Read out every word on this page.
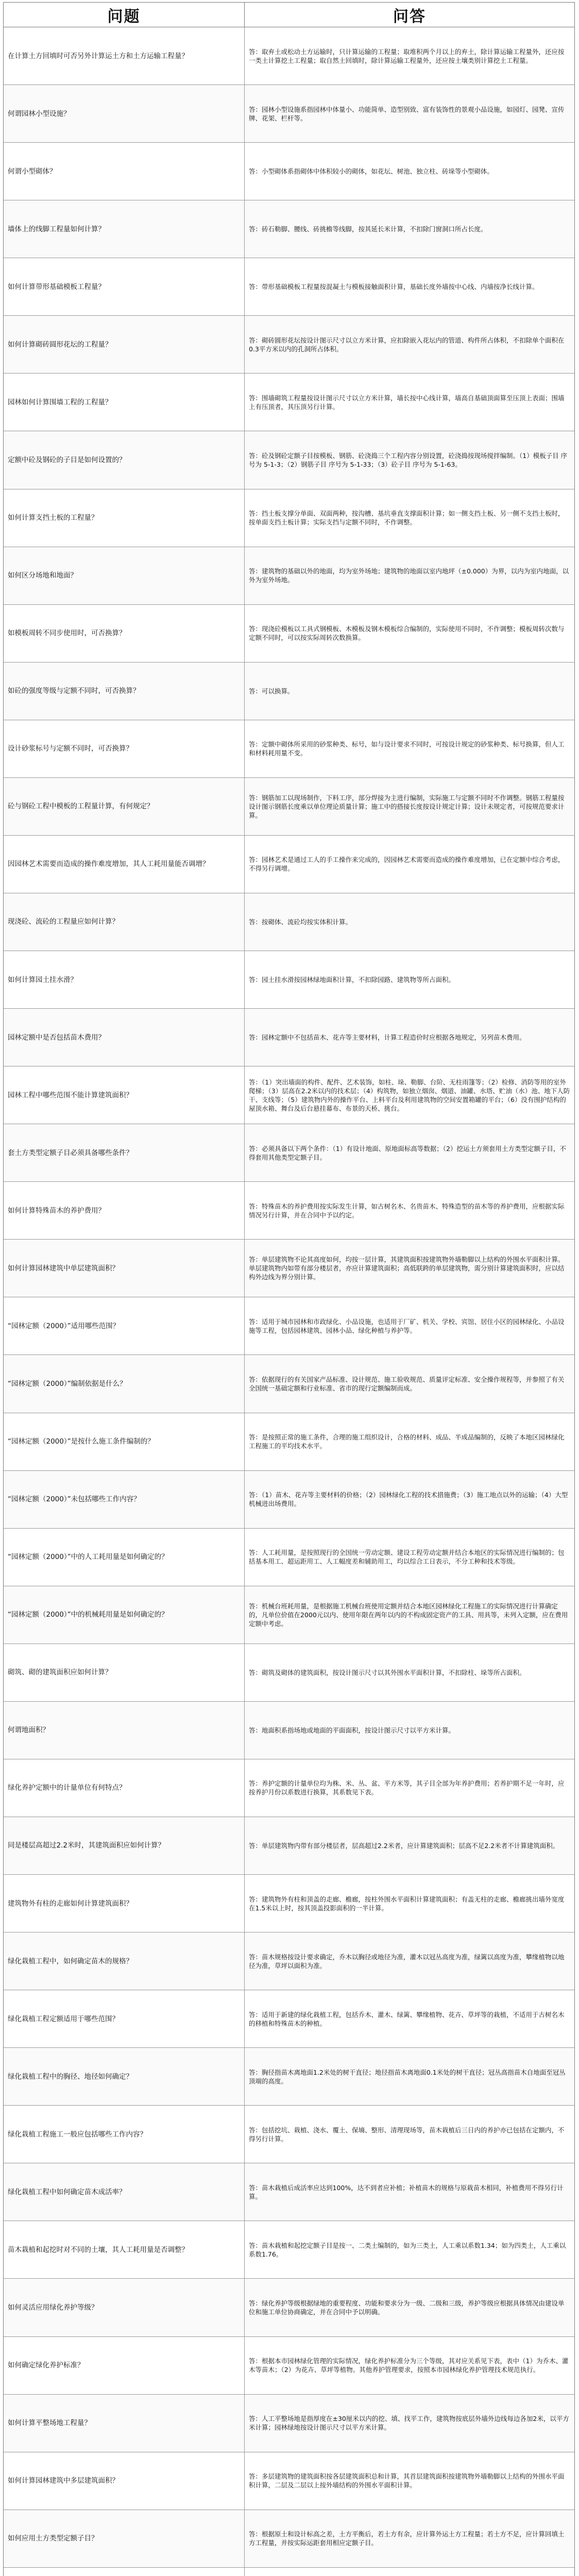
问题	问答
在计算土方回填时可否另外计算运土方和土方运输工程量？
答：取弃土或松动土方运输时，只计算运输的工程量；取堆积两个月以上的弃土，除计算运输工程量外，还应按一类土计算挖土工程量；取自然土回填时，除计算运输工程量外，还应按土壤类别计算挖土工程量。
何谓园林小型设施？
答：园林小型设施系指园林中体量小、功能简单、造型别致、富有装饰性的景观小品设施，如园灯、园凳、宣传牌、花架、栏杆等。
何谓小型砌体？	答：小型砌体系指砌体中体积较小的砌体，如花坛、树池、独立柱、砖垛等小型砌体。
墙体上的线脚工程量如何计算？	答：砖石勒脚、腰线、砖挑檐等线脚，按其延长米计算，不扣除门窗洞口所占长度。
如何计算带形基础模板工程量？	答：带形基础模板工程量按混凝土与模板接触面积计算，基础长度外墙按中心线、内墙按净长线计算。
如何计算砌砖圆形花坛的工程量？
答：砌砖圆形花坛按设计图示尺寸以立方米计算，应扣除嵌入花坛内的管道、构件所占体积，不扣除单个面积在0.3平方米以内的孔洞所占体积。
园林如何计算围墙工程的工程量？
答：围墙砌筑工程量按设计图示尺寸以立方米计算，墙长按中心线计算，墙高自基础顶面算至压顶上表面；围墙上有压顶者，其压顶另行计算。
定额中砼及钢砼的子目是如何设置的？
答：砼及钢砼定额子目按模板、钢筋、砼浇捣三个工程内容分别设置，砼浇捣按现场搅拌编制。（1）模板子目 序号为 5-1-3；（2）钢筋子目 序号为 5-1-33；（3）砼子目 序号为 5-1-63。
如何计算支挡土板的工程量？
答：挡土板支撑分单面、双面两种，按沟槽、基坑垂直支撑面积计算；如一侧支挡土板、另一侧不支挡土板时，按单面支挡土板计算；实际支挡与定额不同时，不作调整。
如何区分场地和地面？
答：建筑物的基础以外的地面，均为室外场地；建筑物的地面以室内地坪（±0.000）为界，以内为室内地面，以外为室外场地。
如模板周转不同步使用时，可否换算？
答：现浇砼模板以工具式钢模板、木模板及钢木模板综合编制的，实际使用不同时，不作调整；模板周转次数与定额不同时，可以按实际周转次数换算。
如砼的强度等级与定额不同时，可否换算？	答：可以换算。
设计砂浆标号与定额不同时，可否换算？
答：定额中砌体所采用的砂浆种类、标号，如与设计要求不同时，可按设计规定的砂浆种类、标号换算，但人工和材料耗用量不变。
砼与钢砼工程中模板的工程量计算，有何规定？
答：钢筋加工以现场制作，下料工序，部分焊接为主进行编制，实际施工与定额不同时不作调整。钢筋工程量按设计图示钢筋长度乘以单位理论质量计算；施工中的搭接长度按设计规定计算；设计未规定者，可按规范要求计算。
因园林艺术需要而造成的操作难度增加，其人工耗用量能否调增？
答：园林艺术是通过工人的手工操作来完成的，因园林艺术需要而造成的操作难度增加，已在定额中综合考虑，不得另行调增。
现浇砼、流砼的工程量应如何计算？	答：按砌体、流砼均按实体积计算。
如何计算园土挂水滑？	答：园土挂水滑按园林绿地面积计算，不扣除园路、建筑物等所占面积。
园林定额中是否包括苗木费用？	答：园林定额中不包括苗木、花卉等主要材料，计算工程造价时应根据各地规定，另列苗木费用。
园林工程中哪些范围不能计算建筑面积？
答：（1）突出墙面的构件、配件、艺术装饰，如柱、垛、勒脚、台阶、无柱雨篷等；（2）检修、消防等用的室外爬梯；（3）层高在2.2米以内的技术层；（4）构筑物，如独立烟囱、烟道、油罐、水塔、贮油（水）池、地下人防干、支线等；（5）建筑物内外的操作平台、上料平台及利用建筑物的空间安置箱罐的平台；（6）没有围护结构的屋顶水箱、舞台及后台悬挂幕布、布景的天桥、挑台。
套土方类型定额子目必须具备哪些条件？
答：必须具备以下两个条件：（1）有设计地面、原地面标高等数据；（2）挖运土方须套用土方类型定额子目，不得套用其他类型定额子目。
如何计算特殊苗木的养护费用？
答：特殊苗木的养护费用按实际发生计算，如古树名木、名贵苗木、特殊造型的苗木等的养护费用，应根据实际情况另行计算，并在合同中予以约定。
如何计算园林建筑中单层建筑面积？
答：单层建筑物不论其高度如何，均按一层计算，其建筑面积按建筑物外墙勒脚以上结构的外围水平面积计算。单层建筑物内如带有部分楼层者，亦应计算建筑面积；高低联跨的单层建筑物，需分别计算建筑面积时，应以结构外边线为界分别计算。
“园林定额（2000）”适用哪些范围？
答：适用于城市园林和市政绿化、小品设施，也适用于厂矿、机关、学校、宾馆、居住小区的园林绿化、小品设施等工程，包括园林建筑、园林小品、绿化种植与养护等。
“园林定额（2000）”编制依据是什么？
答：依据现行的有关国家产品标准、设计规范、施工验收规范、质量评定标准、安全操作规程等，并参照了有关全国统一基础定额和行业标准、省市的现行定额编制而成。
“园林定额（2000）”是按什么施工条件编制的？
答：是按照正常的施工条件，合理的施工组织设计，合格的材料、成品、半成品编制的，反映了本地区园林绿化工程施工的平均技术水平。
“园林定额（2000）”未包括哪些工作内容？
答：（1）苗木、花卉等主要材料的价格；（2）园林绿化工程的技术措施费；（3）施工地点以外的运输；（4）大型机械进出场费用。
“园林定额（2000）”中的人工耗用量是如何确定的？
答：人工耗用量，是按照现行的全国统一劳动定额、建设工程劳动定额并结合本地区的实际情况进行编制的；包括基本用工、超运距用工、人工幅度差和辅助用工，均以综合工日表示，不分工种和技术等级。
“园林定额（2000）”中的机械耗用量是如何确定的？
答：机械台班耗用量，是根据施工机械台班使用定额并结合本地区园林绿化工程施工的实际情况进行计算确定的，凡单位价值在2000元以内、使用年限在两年以内的不构成固定资产的工具、用具等，未列入定额，应在费用定额中考虑。
砌筑、砌的建筑面积应如何计算？	答：砌筑及砌体的建筑面积，按设计图示尺寸以其外围水平面积计算，不扣除柱、垛等所占面积。
何谓地面积？	答：地面积系指场地或地面的平面面积，按设计图示尺寸以平方米计算。
绿化养护定额中的计量单位有何特点？
答：养护定额的计量单位均为株、米、丛、盆、平方米等，其子目全部为年养护费用；若养护期不足一年时，应按养护月份以系数进行换算，其系数见下表。
同是楼层高超过2.2米时，其建筑面积应如何计算？	答：单层建筑物内带有部分楼层者，层高超过2.2米者，应计算建筑面积；层高不足2.2米者不计算建筑面积。
建筑物外有柱的走廊如何计算建筑面积？
答：建筑物外有柱和顶盖的走廊、檐廊，按柱外围水平面积计算建筑面积；有盖无柱的走廊、檐廊挑出墙外宽度在1.5米以上时，按其顶盖投影面积的一半计算。
绿化栽植工程中，如何确定苗木的规格？
答：苗木规格按设计要求确定，乔木以胸径或地径为准，灌木以冠丛高度为准，绿篱以高度为准，攀缘植物以地径为准，草坪以面积为准。
绿化栽植工程定额适用于哪些范围？
答：适用于新建的绿化栽植工程，包括乔木、灌木、绿篱、攀缘植物、花卉、草坪等的栽植，不适用于古树名木的移植和特殊苗木的种植。
绿化栽植工程中的胸径、地径如何确定？
答：胸径指苗木离地面1.2米处的树干直径；地径指苗木离地面0.1米处的树干直径；冠丛高指苗木自地面至冠丛顶端的高度。
绿化栽植工程施工一般应包括哪些工作内容？
答：包括挖坑、栽植、浇水、覆土、保墒、整形、清理现场等，苗木栽植后三日内的养护亦已包括在定额内，不得另行计算。
绿化栽植工程中如何确定苗木成活率？
答：苗木栽植后成活率应达到100%，达不到者应补植；补植苗木的规格与原栽苗木相同，补植费用不得另行计算。
苗木栽植和起挖时对不同的土壤，其人工耗用量是否调整？
答：苗木栽植和起挖定额子目是按一、二类土编制的，如为三类土，人工乘以系数1.34；如为四类土，人工乘以系数1.76。
如何灵活应用绿化养护等级？
答：绿化养护等级根据绿地的重要程度、功能和要求分为一级、二级和三级，养护等级应根据具体情况由建设单位和施工单位协商确定，并在合同中予以明确。
如何确定绿化养护标准？
答：根据本市园林绿化管理的实际情况，绿化养护标准分为三个等级，其对应关系见下表，表中（1）为乔木、灌木等苗木；（2）为花卉、草坪等植物。其他养护管理要求，按照本市园林绿化养护管理技术规范执行。
如何计算平整场地工程量？
答：人工平整场地是指厚度在±30厘米以内的挖、填、找平工作，建筑物按底层外墙外边线每边各加2米，以平方米计算；园林绿地按设计图示尺寸以平方米计算。
如何计算园林建筑中多层建筑面积？
答：多层建筑物的建筑面积按各层建筑面积总和计算，其首层建筑面积按建筑物外墙勒脚以上结构的外围水平面积计算，二层及二层以上按外墙结构的外围水平面积计算。
如何应用土方类型定额子目？
答：根据原土和设计标高之差，土方平衡后，若土方有余，应计算外运土方工程量；若土方不足，应计算回填土方工程量，并按实际运距套用相应定额子目。
